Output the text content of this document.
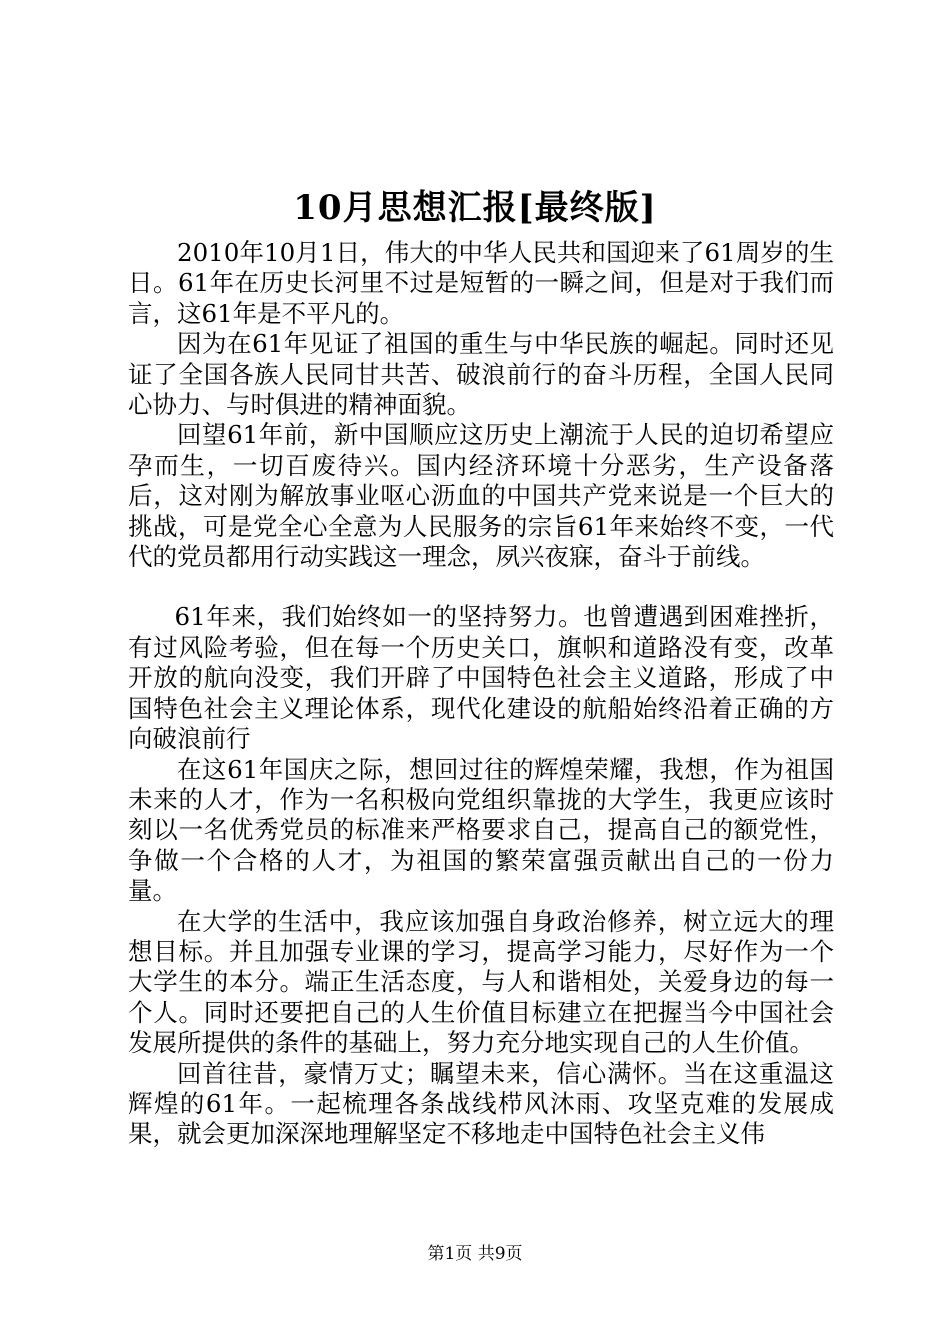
10月思想汇报[最终版]

2010年10月1日，伟大的中华人民共和国迎来了61周岁的生日。61年在历史长河里不过是短暂的一瞬之间，但是对于我们而言，这61年是不平凡的。

因为在61年见证了祖国的重生与中华民族的崛起。同时还见证了全国各族人民同甘共苦、破浪前行的奋斗历程，全国人民同心协力、与时俱进的精神面貌。

回望61年前，新中国顺应这历史上潮流于人民的迫切希望应孕而生，一切百废待兴。国内经济环境十分恶劣，生产设备落后，这对刚为解放事业呕心沥血的中国共产党来说是一个巨大的挑战，可是党全心全意为人民服务的宗旨61年来始终不变，一代代的党员都用行动实践这一理念，夙兴夜寐，奋斗于前线。

61年来，我们始终如一的坚持努力。也曾遭遇到困难挫折，有过风险考验，但在每一个历史关口，旗帜和道路没有变，改革开放的航向没变，我们开辟了中国特色社会主义道路，形成了中国特色社会主义理论体系，现代化建设的航船始终沿着正确的方向破浪前行

在这61年国庆之际，想回过往的辉煌荣耀，我想，作为祖国未来的人才，作为一名积极向党组织靠拢的大学生，我更应该时刻以一名优秀党员的标准来严格要求自己，提高自己的额党性，争做一个合格的人才，为祖国的繁荣富强贡献出自己的一份力量。

在大学的生活中，我应该加强自身政治修养，树立远大的理想目标。并且加强专业课的学习，提高学习能力，尽好作为一个大学生的本分。端正生活态度，与人和谐相处，关爱身边的每一个人。同时还要把自己的人生价值目标建立在把握当今中国社会发展所提供的条件的基础上，努力充分地实现自己的人生价值。

回首往昔，豪情万丈；瞩望未来，信心满怀。当在这重温这辉煌的61年。一起梳理各条战线栉风沐雨、攻坚克难的发展成果，就会更加深深地理解坚定不移地走中国特色社会主义伟

第1页 共9页
